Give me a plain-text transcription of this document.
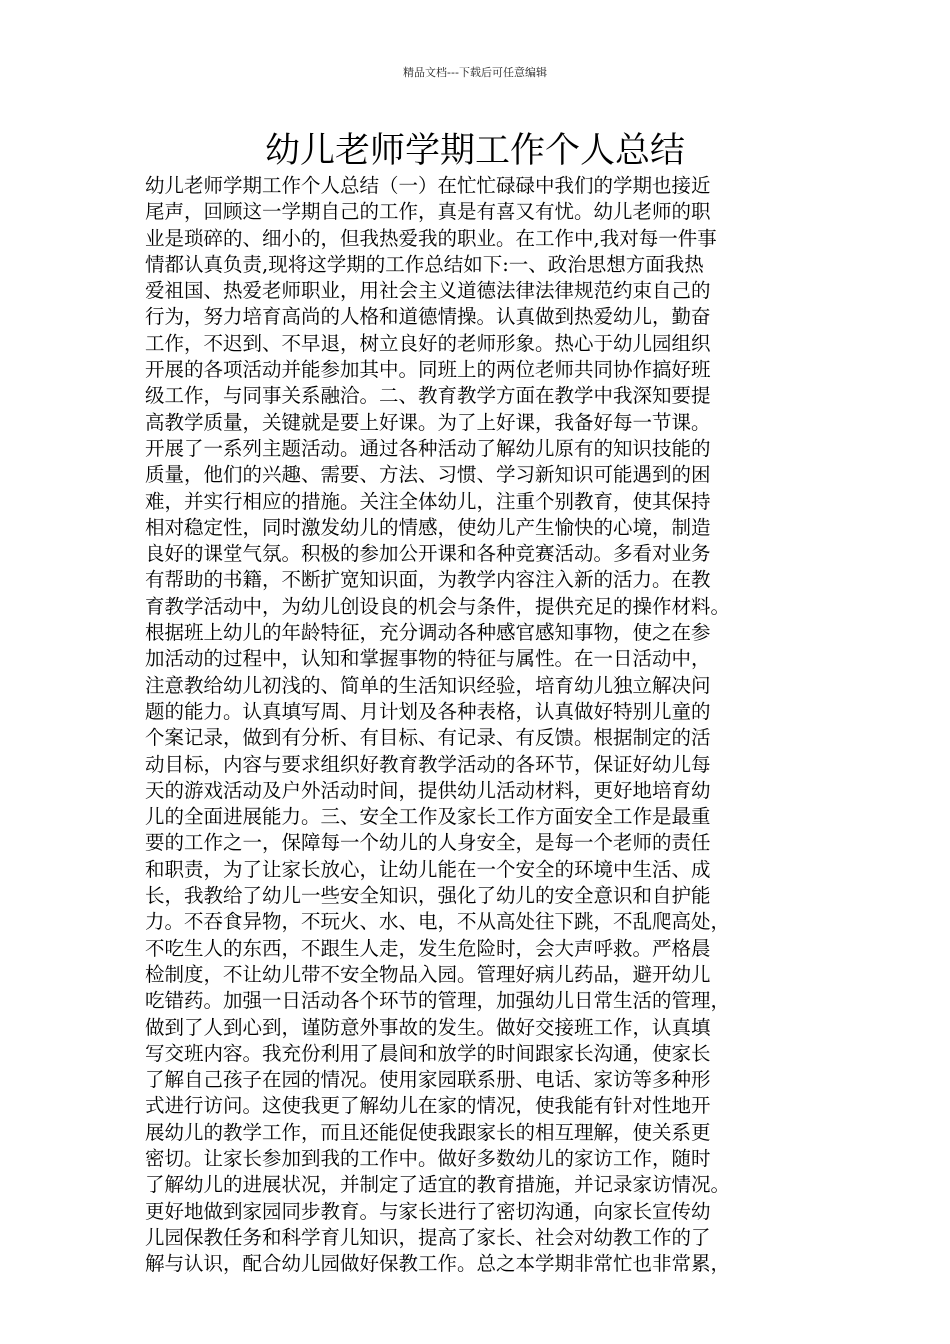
精品文档---下载后可任意编辑
幼儿老师学期工作个人总结
幼儿老师学期工作个人总结（一）在忙忙碌碌中我们的学期也接近
尾声，回顾这一学期自己的工作，真是有喜又有忧。幼儿老师的职
业是琐碎的、细小的，但我热爱我的职业。在工作中,我对每一件事
情都认真负责,现将这学期的工作总结如下:一、政治思想方面我热
爱祖国、热爱老师职业，用社会主义道德法律法律规范约束自己的
行为，努力培育高尚的人格和道德情操。认真做到热爱幼儿，勤奋
工作，不迟到、不早退，树立良好的老师形象。热心于幼儿园组织
开展的各项活动并能参加其中。同班上的两位老师共同协作搞好班
级工作，与同事关系融洽。二、教育教学方面在教学中我深知要提
高教学质量，关键就是要上好课。为了上好课，我备好每一节课。
开展了一系列主题活动。通过各种活动了解幼儿原有的知识技能的
质量，他们的兴趣、需要、方法、习惯、学习新知识可能遇到的困
难，并实行相应的措施。关注全体幼儿，注重个别教育，使其保持
相对稳定性，同时激发幼儿的情感，使幼儿产生愉快的心境，制造
良好的课堂气氛。积极的参加公开课和各种竞赛活动。多看对业务
有帮助的书籍，不断扩宽知识面，为教学内容注入新的活力。在教
育教学活动中，为幼儿创设良的机会与条件，提供充足的操作材料。
根据班上幼儿的年龄特征，充分调动各种感官感知事物，使之在参
加活动的过程中，认知和掌握事物的特征与属性。在一日活动中，
注意教给幼儿初浅的、简单的生活知识经验，培育幼儿独立解决问
题的能力。认真填写周、月计划及各种表格，认真做好特别儿童的
个案记录，做到有分析、有目标、有记录、有反馈。根据制定的活
动目标，内容与要求组织好教育教学活动的各环节，保证好幼儿每
天的游戏活动及户外活动时间，提供幼儿活动材料，更好地培育幼
儿的全面进展能力。三、安全工作及家长工作方面安全工作是最重
要的工作之一，保障每一个幼儿的人身安全，是每一个老师的责任
和职责，为了让家长放心，让幼儿能在一个安全的环境中生活、成
长，我教给了幼儿一些安全知识，强化了幼儿的安全意识和自护能
力。不吞食异物，不玩火、水、电，不从高处往下跳，不乱爬高处，
不吃生人的东西，不跟生人走，发生危险时，会大声呼救。严格晨
检制度，不让幼儿带不安全物品入园。管理好病儿药品，避开幼儿
吃错药。加强一日活动各个环节的管理，加强幼儿日常生活的管理，
做到了人到心到，谨防意外事故的发生。做好交接班工作，认真填
写交班内容。我充份利用了晨间和放学的时间跟家长沟通，使家长
了解自己孩子在园的情况。使用家园联系册、电话、家访等多种形
式进行访问。这使我更了解幼儿在家的情况，使我能有针对性地开
展幼儿的教学工作，而且还能促使我跟家长的相互理解，使关系更
密切。让家长参加到我的工作中。做好多数幼儿的家访工作，随时
了解幼儿的进展状况，并制定了适宜的教育措施，并记录家访情况。
更好地做到家园同步教育。与家长进行了密切沟通，向家长宣传幼
儿园保教任务和科学育儿知识，提高了家长、社会对幼教工作的了
解与认识，配合幼儿园做好保教工作。总之本学期非常忙也非常累，
